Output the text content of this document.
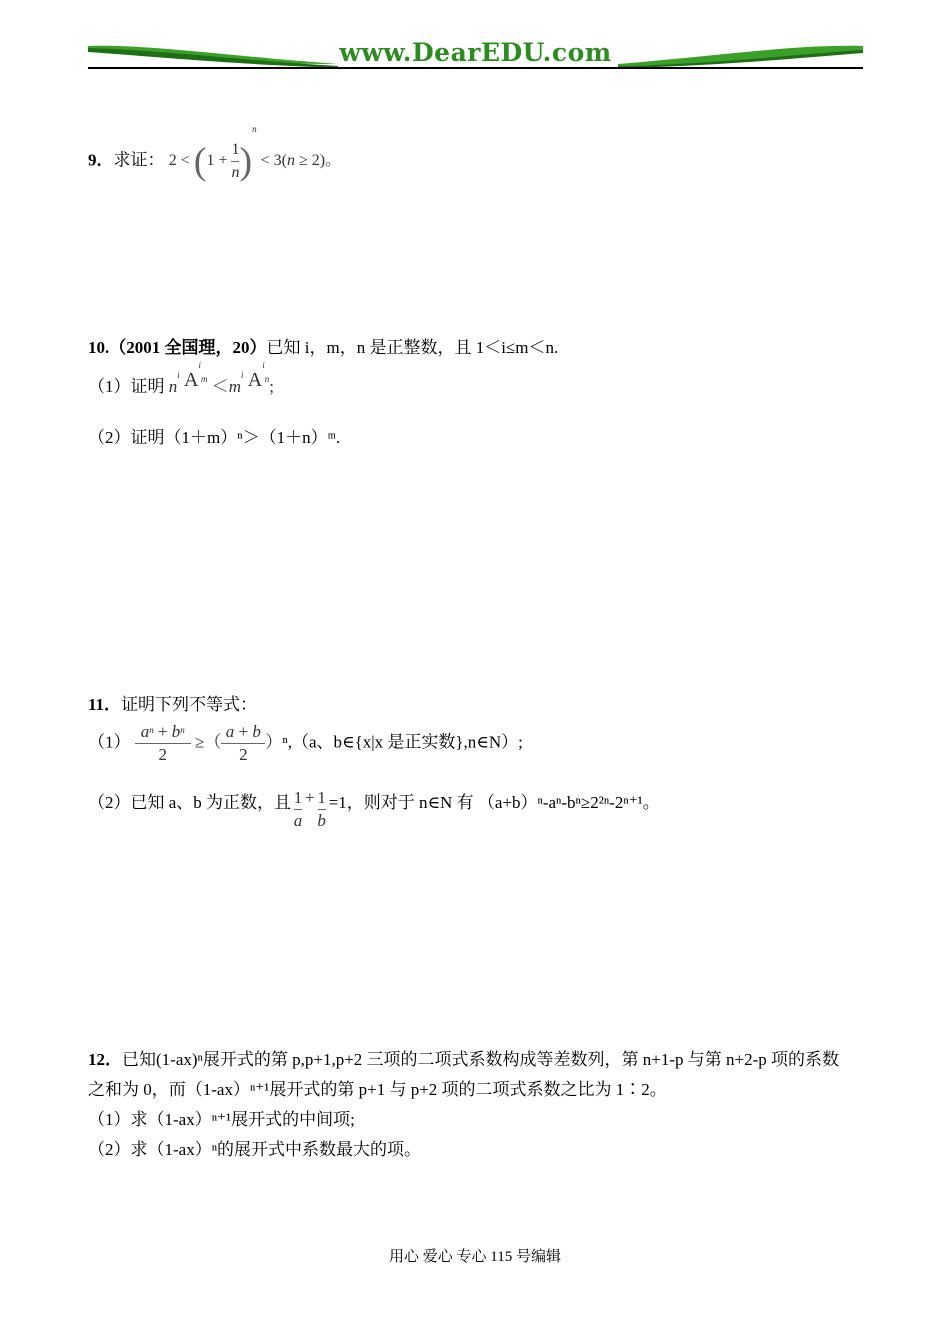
www.DearEDU.com
9．求证： $2 < (1 + \frac{1}{n} )^n < 3(n \ge 2)$。
10.（2001 全国理，20）已知 i，m，n 是正整数，且 1＜i≤m＜n.
（1）证明 $n^i$ $A^{im} <m^i$ $A^{in}$;
（2）证明（1＋m）ⁿ＞（1＋n）ᵐ.
11．证明下列不等式：
$(1) \frac{a^n + b^n}{2}$ ≥（ $\frac{a + b}{2} )^n,(a$、b∈{x|x 是正实数},n∈N）;
（2）已知 a、b 为正数，且 $\frac{1}{a} + \frac{1}{b} =1$，则对于 n∈N 有 （a+b）ⁿ-aⁿ-bⁿ≥2²ⁿ-2ⁿ⁺¹。
12．已知(1-ax)ⁿ展开式的第 p,p+1,p+2 三项的二项式系数构成等差数列，第 n+1-p 与第 n+2-p 项的系数
之和为 0，而（1-ax）ⁿ⁺¹展开式的第 p+1 与 p+2 项的二项式系数之比为 1∶2。
（1）求（1-ax）ⁿ⁺¹展开式的中间项;
（2）求（1-ax）ⁿ的展开式中系数最大的项。
用心 爱心 专心 115 号编辑
